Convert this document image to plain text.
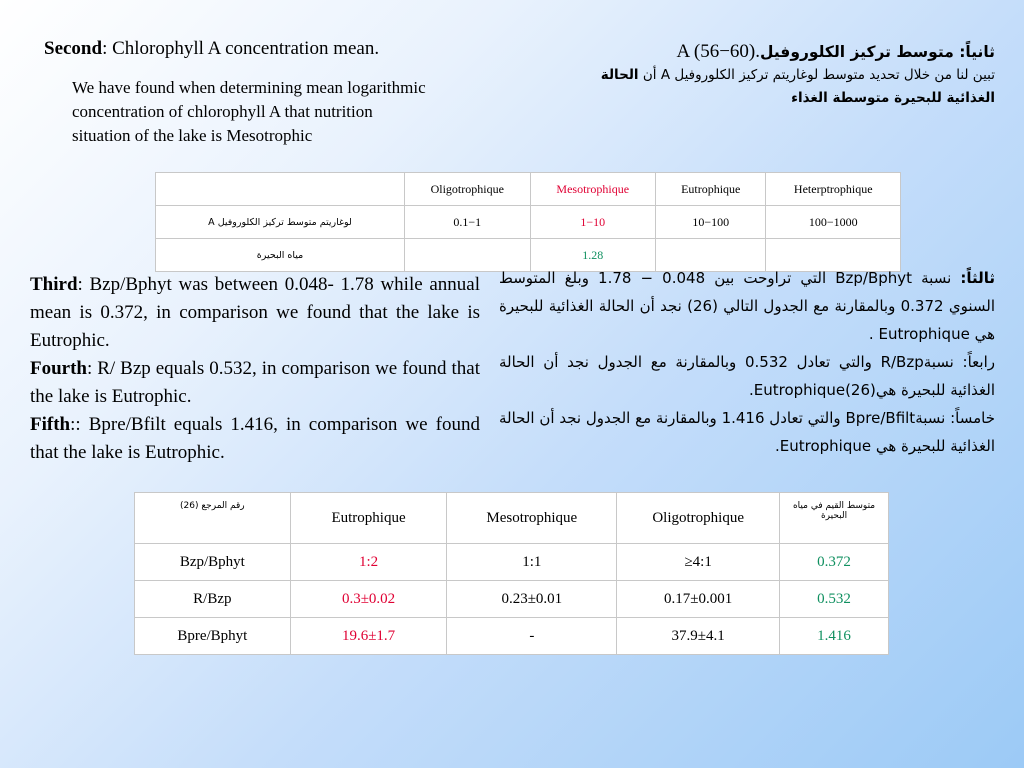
Second: Chlorophyll A concentration mean.
We have found when determining mean logarithmic concentration of chlorophyll A that nutrition situation of the lake is Mesotrophic
ثانياً: متوسط تركيز الكلوروفيلA (56−60).
تبين لنا من خلال تحديد متوسط لوغاريتم تركيز الكلوروفيل A أن الحالة
الغذائية للبحيرة متوسطة الغذاء
	Oligotrophique	Mesotrophique	Eutrophique	Heterptrophique
لوغاريتم متوسط تركيز الكلوروفيل A	0.1−1	1−10	10−100	100−1000
مياه البحيرة		1.28		

Third: Bzp/Bphyt was between 0.048- 1.78 while annual mean is 0.372, in comparison we found that the lake is Eutrophic.

Fourth: R/ Bzp equals 0.532, in comparison we found that the lake is Eutrophic.

Fifth:: Bpre/Bfilt equals 1.416, in comparison we found that the lake is Eutrophic.

ثالثاً: نسبة Bzp/Bphyt التي تراوحت بين 0.048 − 1.78 وبلغ المتوسط السنوي 0.372 وبالمقارنة مع الجدول التالي (26) نجد أن الحالة الغذائية للبحيرة هي Eutrophique .

رابعاً: نسبةR/Bzp والتي تعادل 0.532 وبالمقارنة مع الجدول نجد أن الحالة الغذائية للبحيرة هيEutrophique(26).

خامساً: نسبةBpre/Bfilt والتي تعادل 1.416 وبالمقارنة مع الجدول نجد أن الحالة الغذائية للبحيرة هي Eutrophique.

رقم المرجع (26)	Eutrophique	Mesotrophique	Oligotrophique	متوسط القيم في مياه البحيرة
Bzp/Bphyt	1:2	1:1	≥4:1	0.372
R/Bzp	0.3±0.02	0.23±0.01	0.17±0.001	0.532
Bpre/Bphyt	19.6±1.7	-	37.9±4.1	1.416
